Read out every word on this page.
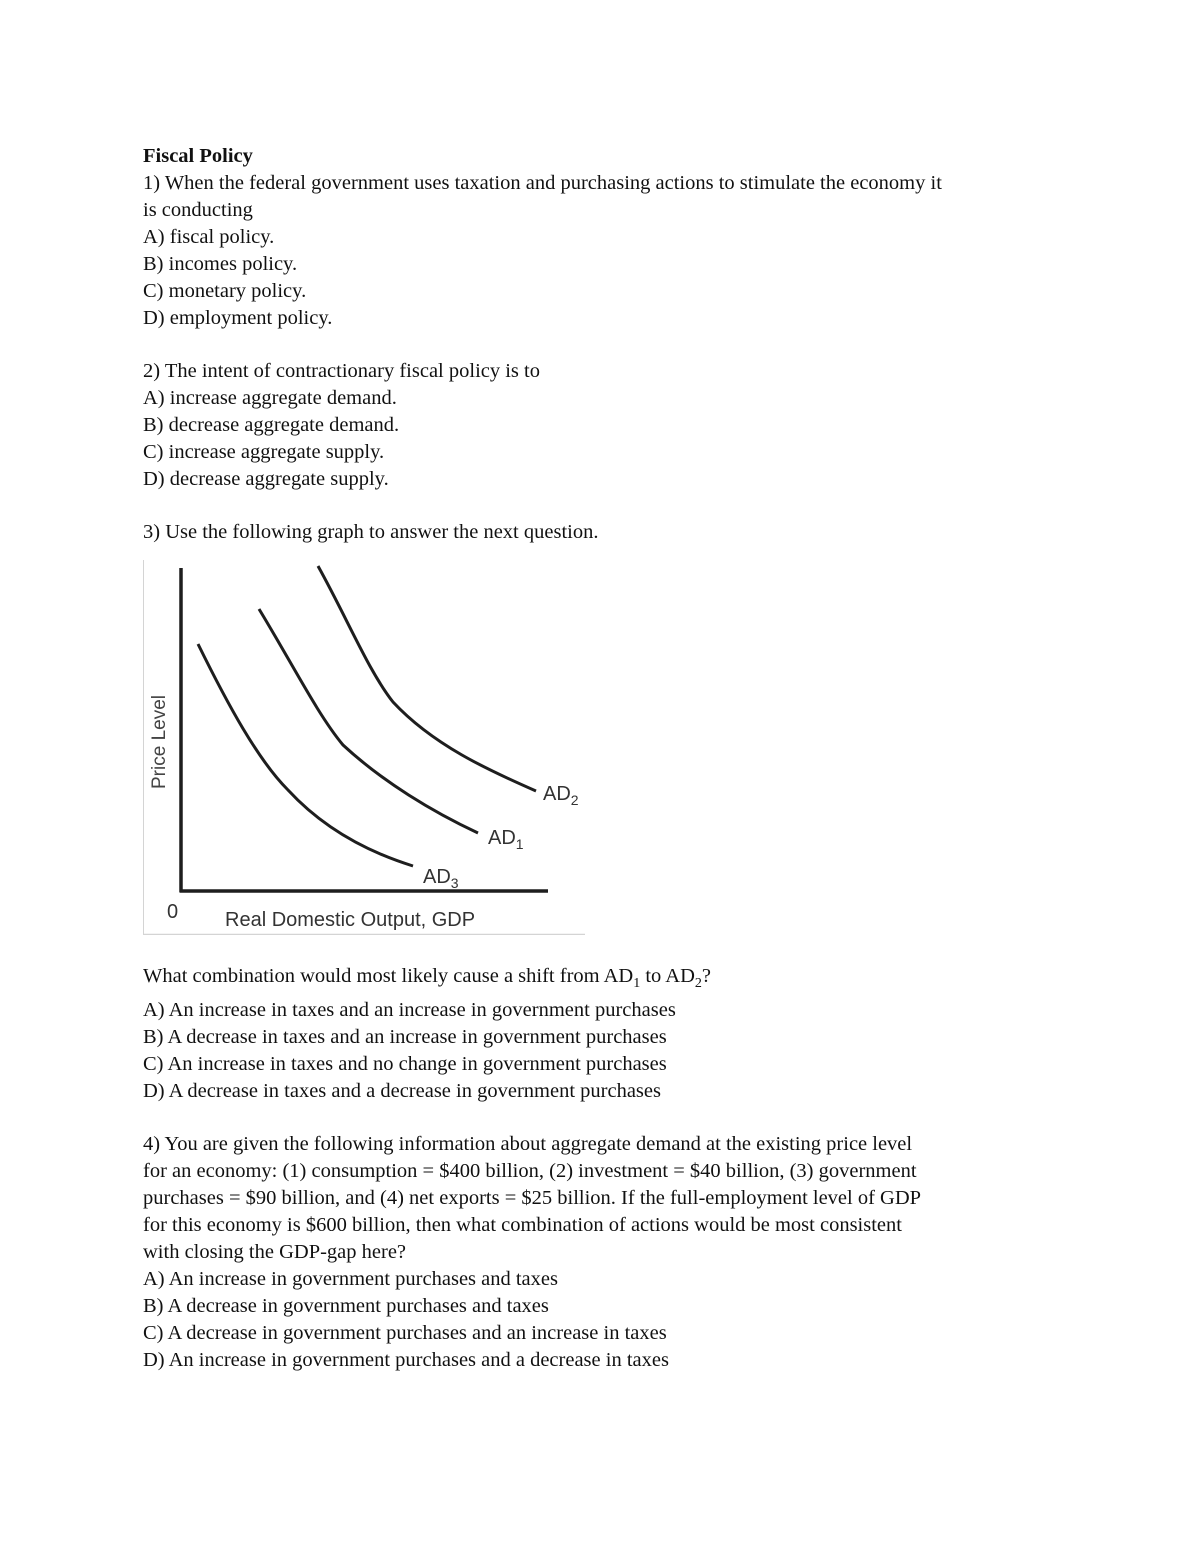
Fiscal Policy
1) When the federal government uses taxation and purchasing actions to stimulate the economy it
is conducting
A) fiscal policy.
B) incomes policy.
C) monetary policy.
D) employment policy.
2) The intent of contractionary fiscal policy is to
A) increase aggregate demand.
B) decrease aggregate demand.
C) increase aggregate supply.
D) decrease aggregate supply.
3) Use the following graph to answer the next question.
Price Level
0 Real Domestic Output, GDP
$AD_3$
$AD_1$
$AD_2$
What combination would most likely cause a shift from $AD_1$ to $AD_2$?
A) An increase in taxes and an increase in government purchases
B) A decrease in taxes and an increase in government purchases
C) An increase in taxes and no change in government purchases
D) A decrease in taxes and a decrease in government purchases
4) You are given the following information about aggregate demand at the existing price level
for an economy: (1) consumption = $400 billion, (2) investment = $40 billion, (3) government
purchases = $90 billion, and (4) net exports = $25 billion. If the full-employment level of GDP
for this economy is $600 billion, then what combination of actions would be most consistent
with closing the GDP-gap here?
A) An increase in government purchases and taxes
B) A decrease in government purchases and taxes
C) A decrease in government purchases and an increase in taxes
D) An increase in government purchases and a decrease in taxes
